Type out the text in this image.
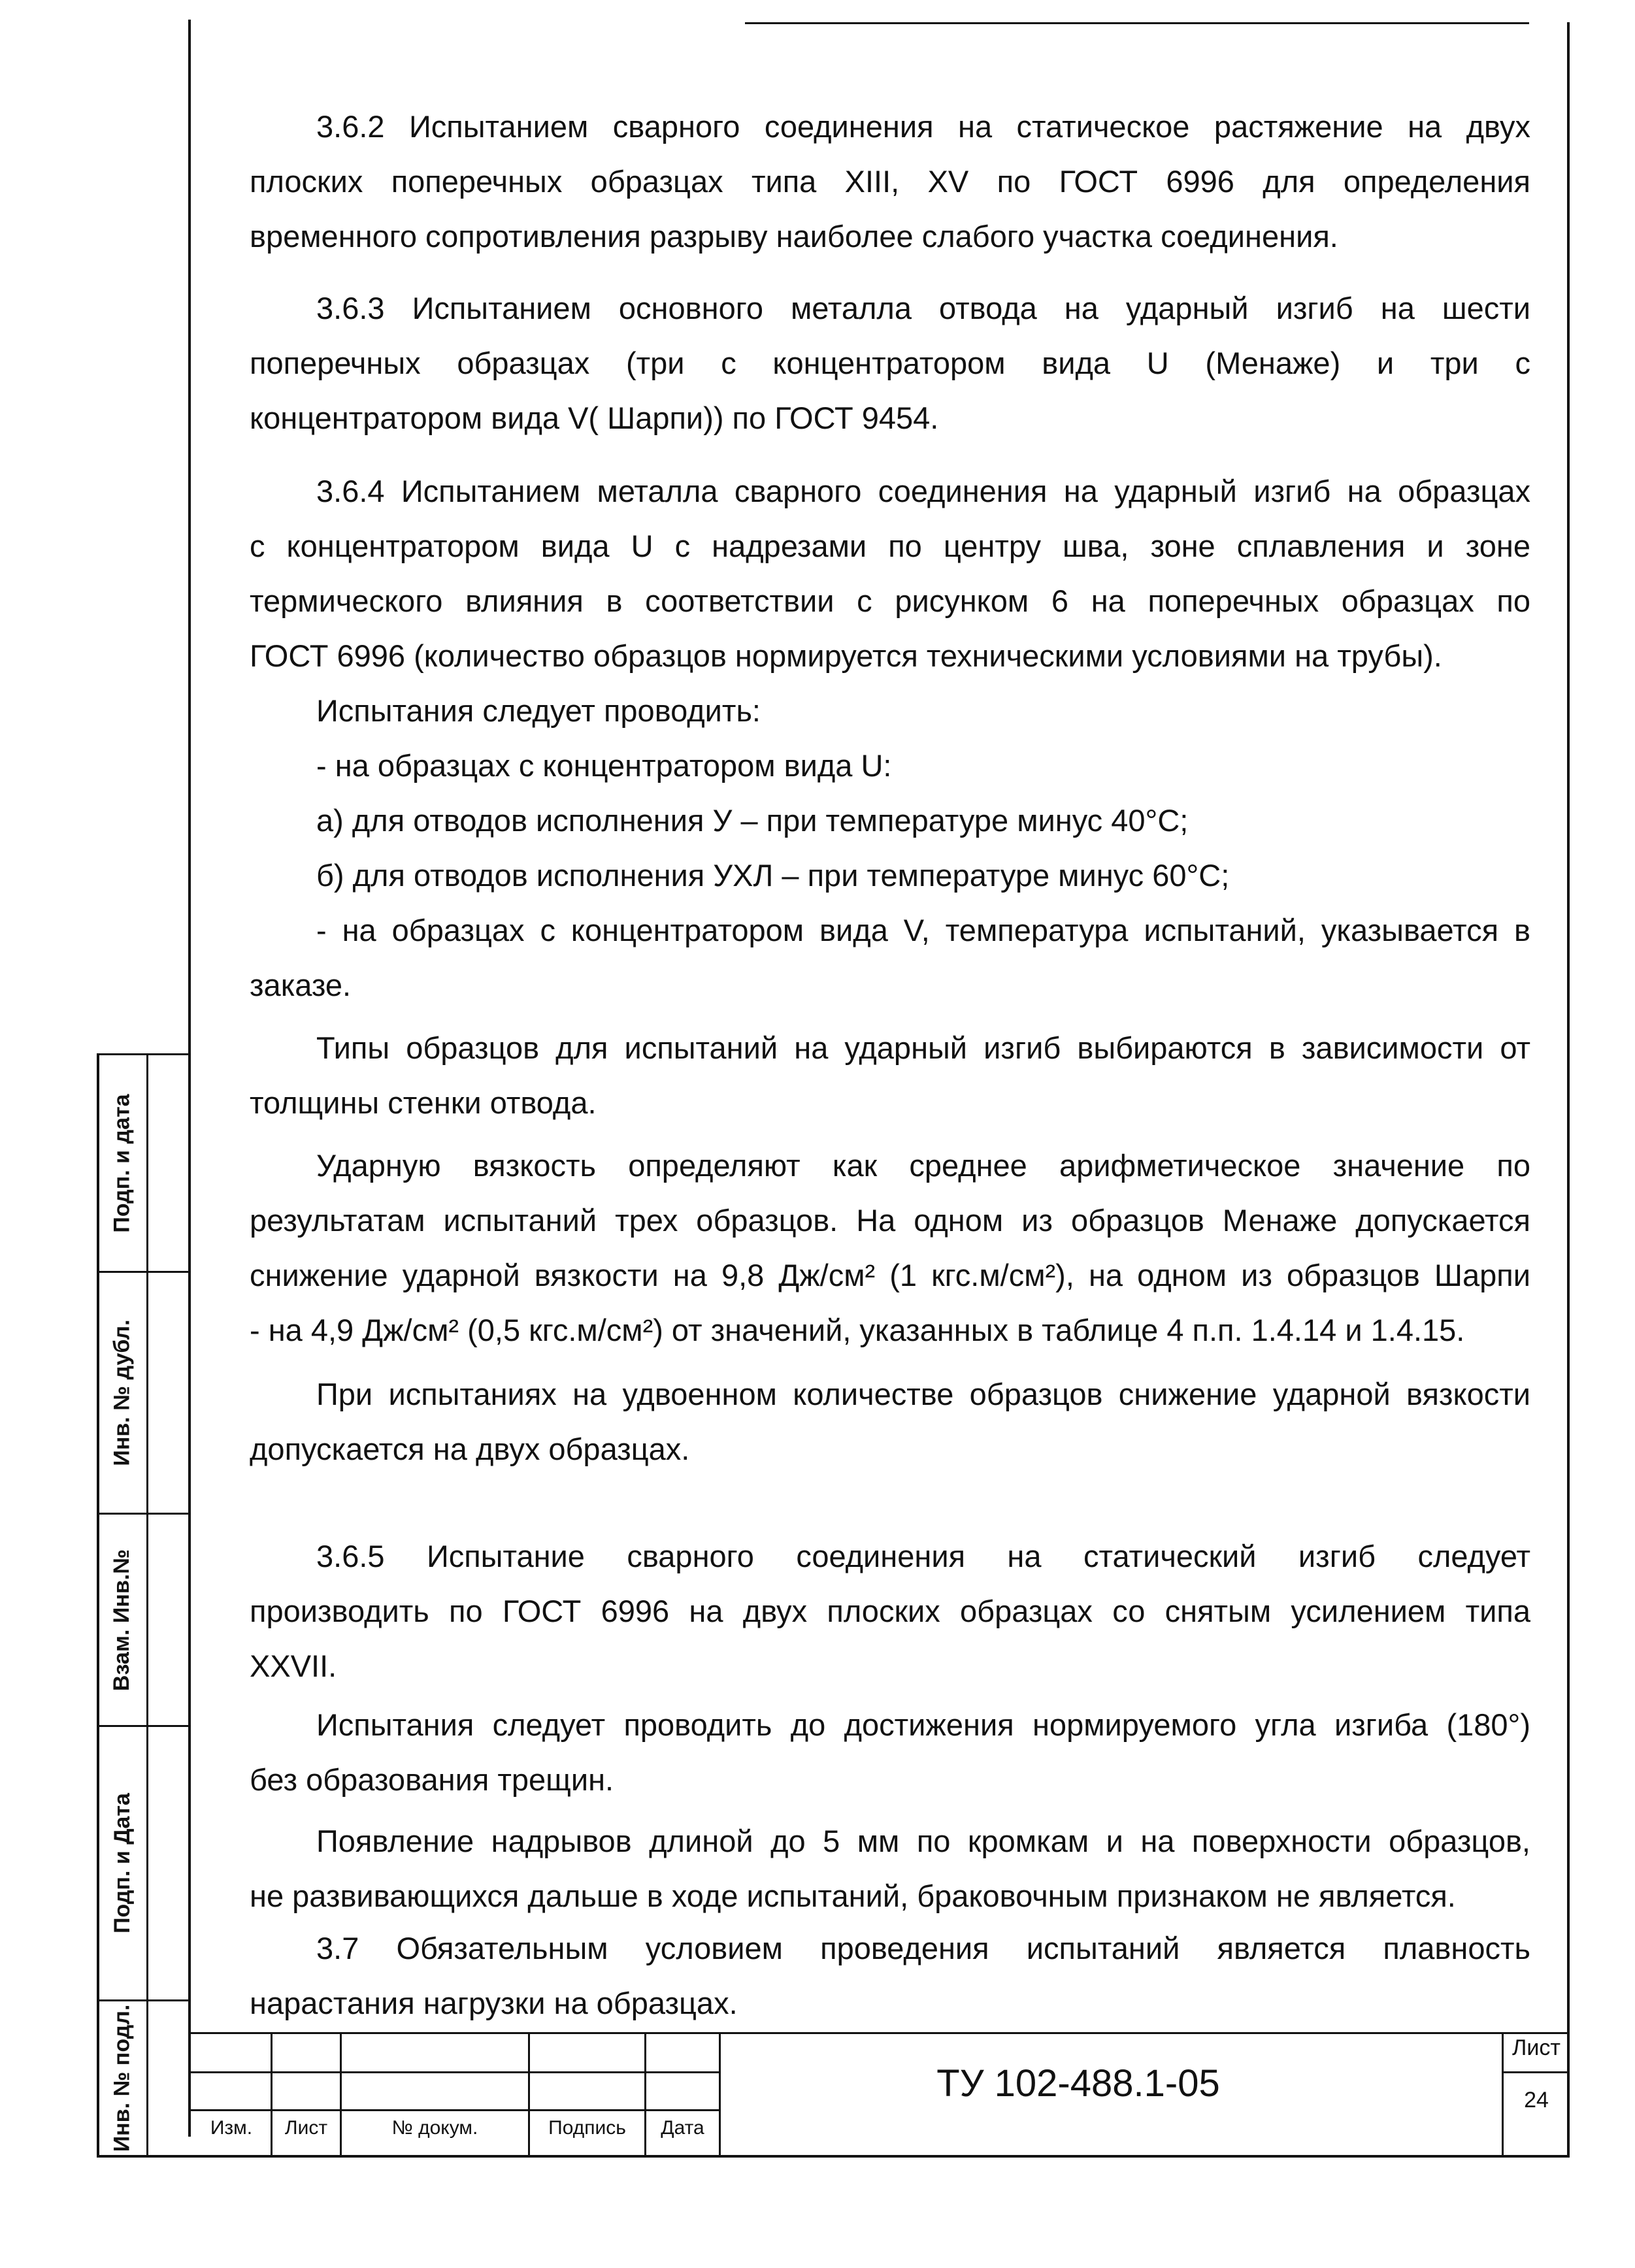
Подп. и дата
Инв. № дубл.
Взам. Инв.№
Подп. и Дата
Инв. № подл.
3.6.2 Испытанием сварного соединения на статическое растяжение на двух
плоских поперечных образцах типа XIII, XV по ГОСТ 6996 для определения
временного сопротивления разрыву наиболее слабого участка соединения.
3.6.3 Испытанием основного металла отвода на ударный изгиб на шести
поперечных образцах (три с концентратором вида U (Менаже) и три с
концентратором вида V( Шарпи)) по ГОСТ 9454.
3.6.4 Испытанием металла сварного соединения на ударный изгиб на образцах
с концентратором вида U с надрезами по центру шва, зоне сплавления и зоне
термического влияния в соответствии с рисунком 6 на поперечных образцах по
ГОСТ 6996 (количество образцов нормируется техническими условиями на трубы).
Испытания следует проводить:
- на образцах с концентратором вида U:
а) для отводов исполнения У – при температуре минус 40°С;
б) для отводов исполнения УХЛ – при температуре минус 60°С;
- на образцах с концентратором вида V, температура испытаний, указывается в
заказе.
Типы образцов для испытаний на ударный изгиб выбираются в зависимости от
толщины стенки отвода.
Ударную вязкость определяют как среднее арифметическое значение по
результатам испытаний трех образцов. На одном из образцов Менаже допускается
снижение ударной вязкости на 9,8 Дж/см² (1 кгс.м/см²), на одном из образцов Шарпи
- на 4,9 Дж/см² (0,5 кгс.м/см²) от значений, указанных в таблице 4 п.п. 1.4.14 и 1.4.15.
При испытаниях на удвоенном количестве образцов снижение ударной вязкости
допускается на двух образцах.
3.6.5 Испытание сварного соединения на статический изгиб следует
производить по ГОСТ 6996 на двух плоских образцах со снятым усилением типа
XXVII.
Испытания следует проводить до достижения нормируемого угла изгиба (180°)
без образования трещин.
Появление надрывов длиной до 5 мм по кромкам и на поверхности образцов,
не развивающихся дальше в ходе испытаний, браковочным признаком не является.
3.7 Обязательным условием проведения испытаний является плавность
нарастания нагрузки на образцах.
Изм.	Лист	№ докум.	Подпись	Дата
ТУ 102-488.1-05
Лист
24
